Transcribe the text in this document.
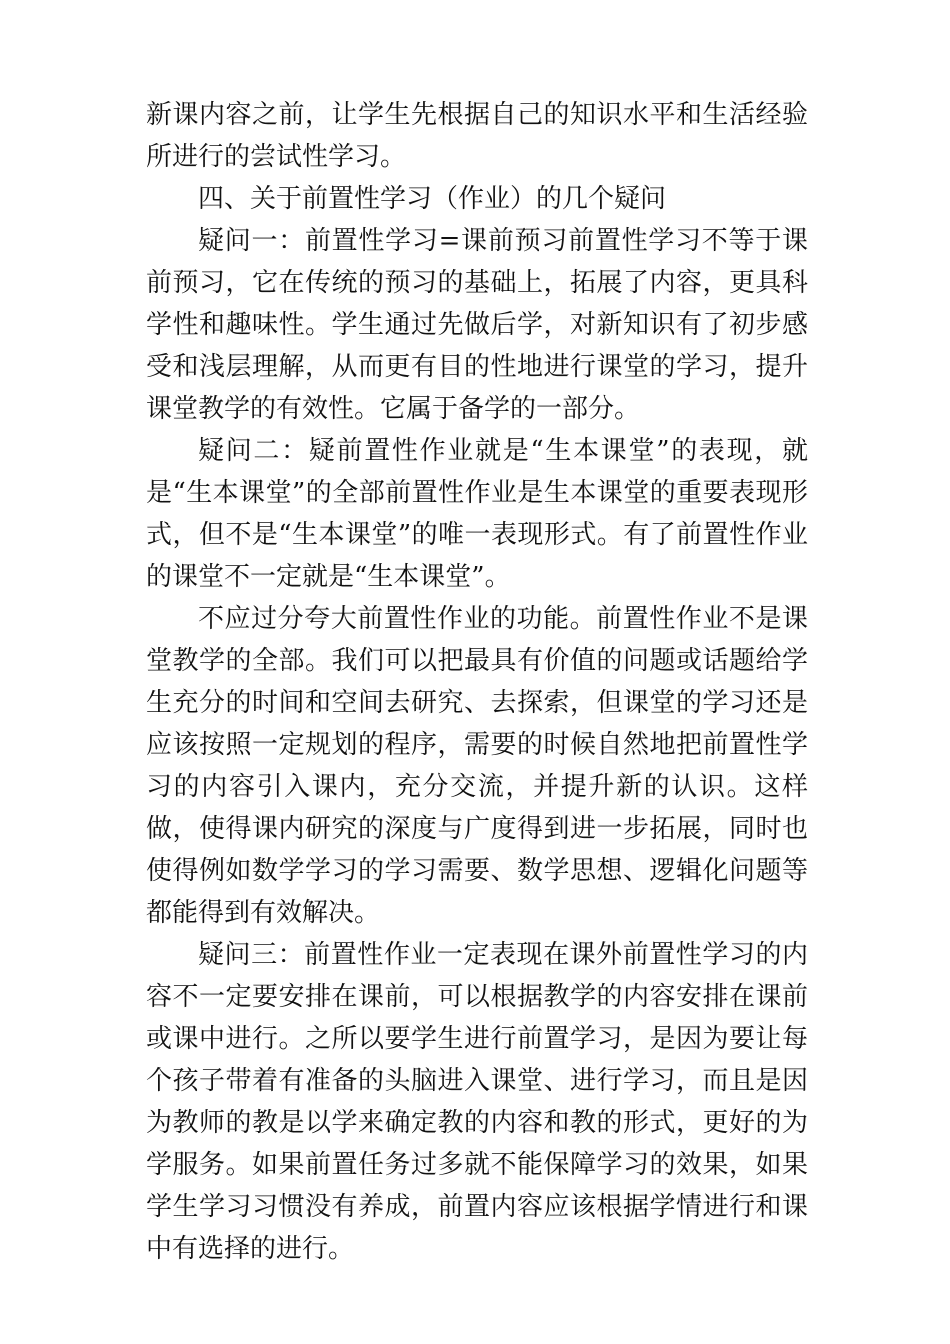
新课内容之前，让学生先根据自己的知识水平和生活经验所进行的尝试性学习。

四、关于前置性学习（作业）的几个疑问

疑问一：前置性学习=课前预习前置性学习不等于课前预习，它在传统的预习的基础上，拓展了内容，更具科学性和趣味性。学生通过先做后学，对新知识有了初步感受和浅层理解，从而更有目的性地进行课堂的学习，提升课堂教学的有效性。它属于备学的一部分。

疑问二：疑前置性作业就是“生本课堂”的表现，就是“生本课堂”的全部前置性作业是生本课堂的重要表现形式，但不是“生本课堂”的唯一表现形式。有了前置性作业的课堂不一定就是“生本课堂”。

不应过分夸大前置性作业的功能。前置性作业不是课堂教学的全部。我们可以把最具有价值的问题或话题给学生充分的时间和空间去研究、去探索，但课堂的学习还是应该按照一定规划的程序，需要的时候自然地把前置性学习的内容引入课内，充分交流，并提升新的认识。这样做，使得课内研究的深度与广度得到进一步拓展，同时也使得例如数学学习的学习需要、数学思想、逻辑化问题等都能得到有效解决。

疑问三：前置性作业一定表现在课外前置性学习的内容不一定要安排在课前，可以根据教学的内容安排在课前或课中进行。之所以要学生进行前置学习，是因为要让每个孩子带着有准备的头脑进入课堂、进行学习，而且是因为教师的教是以学来确定教的内容和教的形式，更好的为学服务。如果前置任务过多就不能保障学习的效果，如果学生学习习惯没有养成，前置内容应该根据学情进行和课中有选择的进行。
